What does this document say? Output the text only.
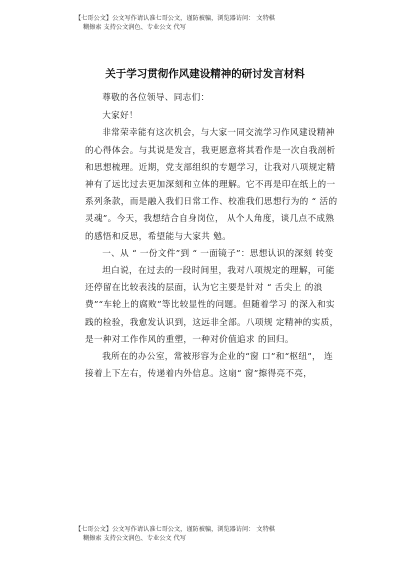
【七哥公文】公文写作请认准七哥公文，谨防被骗，浏览器访问： 文特棋
糊擦索 支持公文润色、专业公文 代写
关于学习贯彻作风建设精神的研讨发言材料

尊敬的各位领导、同志们：

大家好！

非常荣幸能有这次机会，与大家一同交流学习作风建设精神的心得体会。与其说是发言，我更愿意将其看作是一次自我剖析和思想梳理。近期，党支部组织的专题学习，让我对八项规定精神有了远比过去更加深刻和立体的理解。它不再是印在纸上的一系列条款，而是融入我们日常工作、校准我们思想行为的 “ 活的灵魂”。今天，我想结合自身岗位， 从个人角度，谈几点不成熟的感悟和反思，希望能与大家共 勉。

一、从 “ 一份文件”到 “ 一面镜子”：思想认识的深刻 转变

坦白说，在过去的一段时间里，我对八项规定的理解，可能还停留在比较表浅的层面，认为它主要是针对 “ 舌尖上 的浪费”“车轮上的腐败”等比较显性的问题。但随着学习 的深入和实践的检验，我愈发认识到，这远非全部。八项规 定精神的实质，是一种对工作作风的重塑，一种对价值追求 的回归。

我所在的办公室，常被形容为企业的“窗 口”和“枢纽”， 连接着上下左右，传递着内外信息。这扇“ 窗”擦得亮不亮，

【七哥公文】公文写作请认准七哥公文，谨防被骗，浏览器访问： 文特棋
糊擦索 支持公文润色、专业公文 代写
